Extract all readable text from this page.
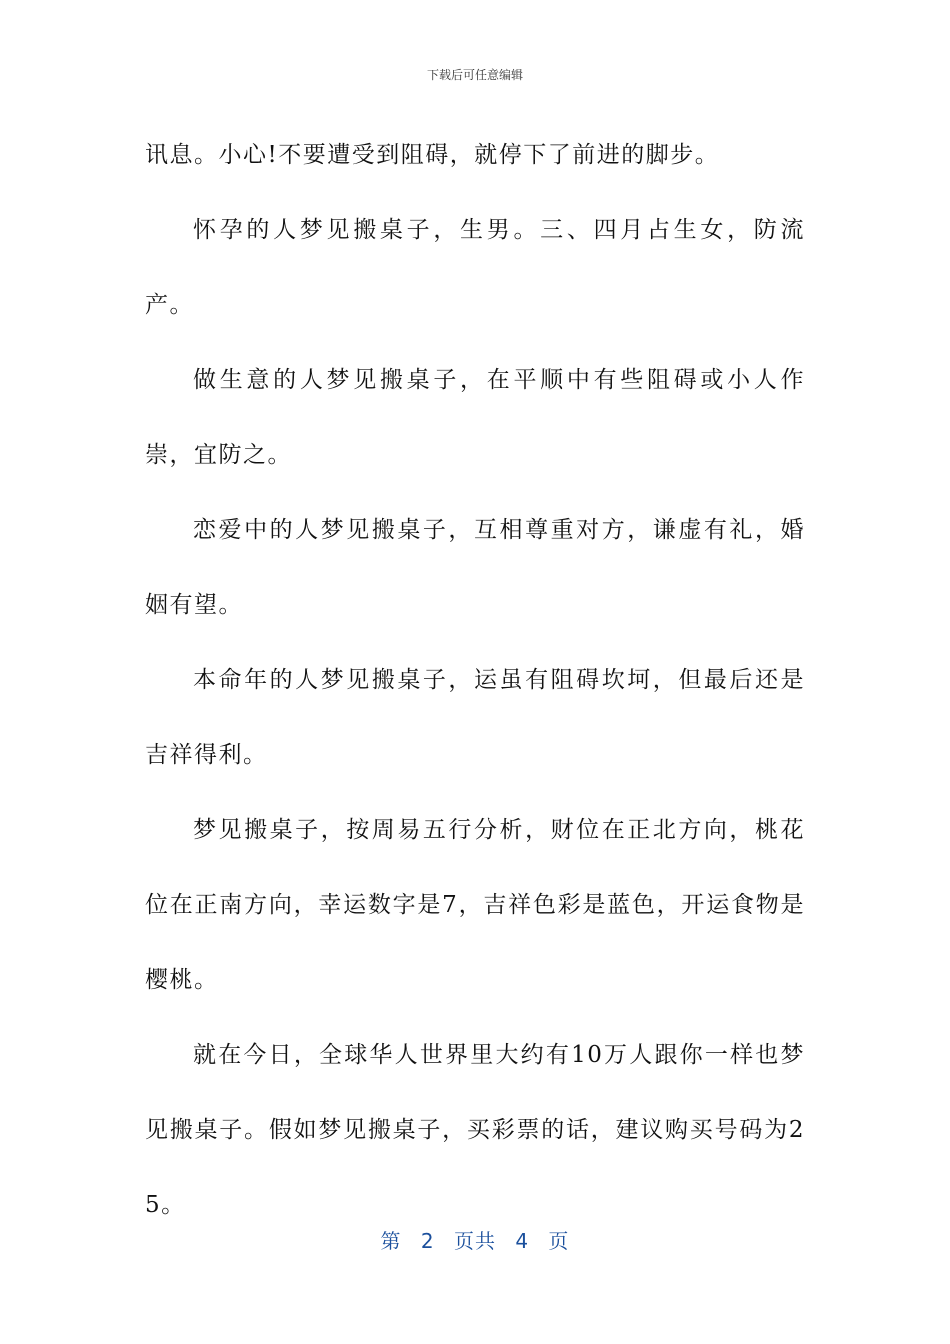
下载后可任意编辑

讯息。小心!不要遭受到阻碍，就停下了前进的脚步。

怀孕的人梦见搬桌子，生男。三、四月占生女，防流产。

做生意的人梦见搬桌子，在平顺中有些阻碍或小人作崇，宜防之。

恋爱中的人梦见搬桌子，互相尊重对方，谦虚有礼，婚姻有望。

本命年的人梦见搬桌子，运虽有阻碍坎坷，但最后还是吉祥得利。

梦见搬桌子，按周易五行分析，财位在正北方向，桃花位在正南方向，幸运数字是7，吉祥色彩是蓝色，开运食物是樱桃。

就在今日，全球华人世界里大约有10万人跟你一样也梦见搬桌子。假如梦见搬桌子，买彩票的话，建议购买号码为25。

第 2 页共 4 页
